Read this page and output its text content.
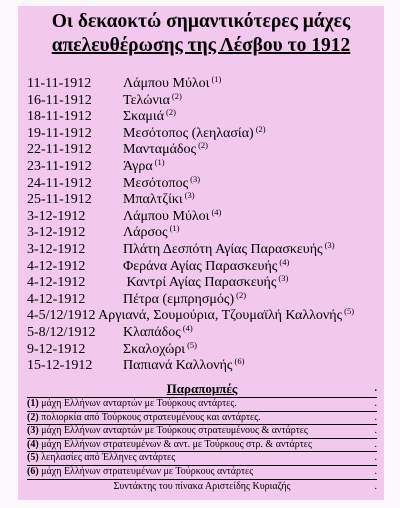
Οι δεκαοκτώ σημαντικότερες μάχες
απελευθέρωσης της Λέσβου το 1912
11-11-1912 Λάμπου Μύλοι $^{(1)}$
16-11-1912 Τελώνια $^{(2)}$
18-11-1912 Σκαμιά $^{(2)}$
19-11-1912 Μεσότοπος (λεηλασία) $^{(2)}$
22-11-1912 Μανταμάδος $^{(2)}$
23-11-1912 Άγρα $^{(1)}$
24-11-1912 Μεσότοπος $^{(3)}$
25-11-1912 Μπαλτζίκι $^{(3)}$
3-12-1912	Λάμπου Μύλοι $^{(4)}$
3-12-1912	Λάρσος $^{(1)}$
3-12-1912	Πλάτη Δεσπότη Αγίας Παρασκευής $^{(3)}$
4-12-1912	Φεράνα Αγίας Παρασκευής $^{(4)}$
4-12-1912	Καντρί Αγίας Παρασκευής $^{(3)}$
4-12-1912	Πέτρα (εμπρησμός) $^{(2)}$
4-5/12/1912 Αργιανά, Σουμούρια, Τζουμαϊλή Καλλονής $^{(5)}$
5-8/12/1912 Κλαπάδος $^{(4)}$
9-12-1912	Σκαλοχώρι $^{(5)}$
15-12-1912 Παπιανά Καλλονής $^{(6)}$
Παραπομπές	.
(1) μάχη Ελλήνων ανταρτών με Τούρκους αντάρτες.	.
(2) πολιορκία από Τούρκους στρατευμένους και αντάρτες.	.
(3) μάχη Ελλήνων ανταρτών με Τούρκους στρατευμένους & αντάρτες	.
(4) μάχη Ελλήνων στρατευμένων & αντ. με Τούρκους στρ. & αντάρτες	.
(5) λεηλασίες από Έλληνες αντάρτες	.
(6) μάχη Ελλήνων στρατευμένων με Τούρκους αντάρτες	.
Συντάκτης του πίνακα Αριστείδης Κυριαζής	.
